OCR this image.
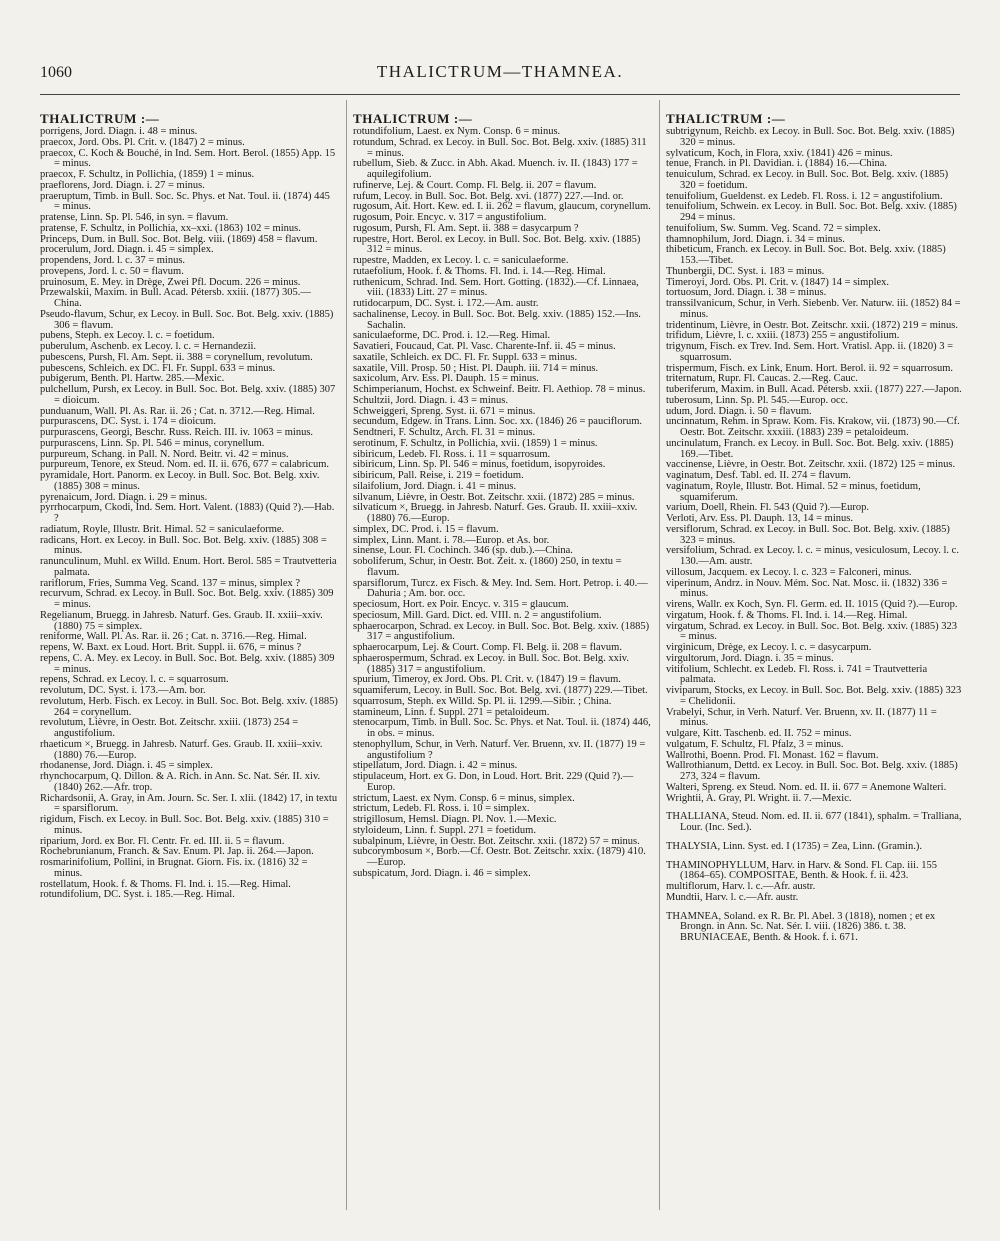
1060	THALICTRUM—THAMNEA.
THALICTRUM :—

porrigens, Jord. Diagn. i. 48 = minus.

praecox, Jord. Obs. Pl. Crit. v. (1847) 2 = minus.

praecox, C. Koch & Bouché, in Ind. Sem. Hort. Berol. (1855) App. 15 = minus.

praecox, F. Schultz, in Pollichia, (1859) 1 = minus.

praeflorens, Jord. Diagn. i. 27 = minus.

praeruptum, Timb. in Bull. Soc. Sc. Phys. et Nat. Toul. ii. (1874) 445 = minus.

pratense, Linn. Sp. Pl. 546, in syn. = flavum.

pratense, F. Schultz, in Pollichia, xx–xxi. (1863) 102 = minus.

Princeps, Dum. in Bull. Soc. Bot. Belg. viii. (1869) 458 = flavum.

procerulum, Jord. Diagn. i. 45 = simplex.

propendens, Jord. l. c. 37 = minus.

provepens, Jord. l. c. 50 = flavum.

pruinosum, E. Mey. in Drège, Zwei Pfl. Docum. 226 = minus.

Przewalskii, Maxim. in Bull. Acad. Pétersb. xxiii. (1877) 305.—China.

Pseudo-flavum, Schur, ex Lecoy. in Bull. Soc. Bot. Belg. xxiv. (1885) 306 = flavum.

pubens, Steph. ex Lecoy. l. c. = foetidum.

puberulum, Aschenb. ex Lecoy. l. c. = Hernandezii.

pubescens, Pursh, Fl. Am. Sept. ii. 388 = corynellum, revolutum.

pubescens, Schleich. ex DC. Fl. Fr. Suppl. 633 = minus.

pubigerum, Benth. Pl. Hartw. 285.—Mexic.

pulchellum, Pursh, ex Lecoy. in Bull. Soc. Bot. Belg. xxiv. (1885) 307 = dioicum.

punduanum, Wall. Pl. As. Rar. ii. 26 ; Cat. n. 3712.—Reg. Himal.

purpurascens, DC. Syst. i. 174 = dioicum.

purpurascens, Georgi, Beschr. Russ. Reich. III. iv. 1063 = minus.

purpurascens, Linn. Sp. Pl. 546 = minus, corynellum.

purpureum, Schang. in Pall. N. Nord. Beitr. vi. 42 = minus.

purpureum, Tenore, ex Steud. Nom. ed. II. ii. 676, 677 = calabricum.

pyramidale, Hort. Panorm. ex Lecoy. in Bull. Soc. Bot. Belg. xxiv. (1885) 308 = minus.

pyrenaicum, Jord. Diagn. i. 29 = minus.

pyrrhocarpum, Ckodi, Ind. Sem. Hort. Valent. (1883) (Quid ?).—Hab. ?

radiatum, Royle, Illustr. Brit. Himal. 52 = saniculaeforme.

radicans, Hort. ex Lecoy. in Bull. Soc. Bot. Belg. xxiv. (1885) 308 = minus.

ranunculinum, Muhl. ex Willd. Enum. Hort. Berol. 585 = Trautvetteria palmata.

rariflorum, Fries, Summa Veg. Scand. 137 = minus, simplex ?

recurvum, Schrad. ex Lecoy. in Bull. Soc. Bot. Belg. xxiv. (1885) 309 = minus.

Regelianum, Bruegg. in Jahresb. Naturf. Ges. Graub. II. xxiii–xxiv. (1880) 75 = simplex.

reniforme, Wall. Pl. As. Rar. ii. 26 ; Cat. n. 3716.—Reg. Himal.

repens, W. Baxt. ex Loud. Hort. Brit. Suppl. ii. 676, = minus ?

repens, C. A. Mey. ex Lecoy. in Bull. Soc. Bot. Belg. xxiv. (1885) 309 = minus.

repens, Schrad. ex Lecoy. l. c. = squarrosum.

revolutum, DC. Syst. i. 173.—Am. bor.

revolutum, Herb. Fisch. ex Lecoy. in Bull. Soc. Bot. Belg. xxiv. (1885) 264 = corynellum.

revolutum, Lièvre, in Oestr. Bot. Zeitschr. xxiii. (1873) 254 = angustifolium.

rhaeticum ×, Bruegg. in Jahresb. Naturf. Ges. Graub. II. xxiii–xxiv. (1880) 76.—Europ.

rhodanense, Jord. Diagn. i. 45 = simplex.

rhynchocarpum, Q. Dillon. & A. Rich. in Ann. Sc. Nat. Sér. II. xiv. (1840) 262.—Afr. trop.

Richardsonii, A. Gray, in Am. Journ. Sc. Ser. I. xlii. (1842) 17, in textu = sparsiflorum.

rigidum, Fisch. ex Lecoy. in Bull. Soc. Bot. Belg. xxiv. (1885) 310 = minus.

riparium, Jord. ex Bor. Fl. Centr. Fr. ed. III. ii. 5 = flavum.

Rochebrunianum, Franch. & Sav. Enum. Pl. Jap. ii. 264.—Japon.

rosmarinifolium, Pollini, in Brugnat. Giorn. Fis. ix. (1816) 32 = minus.

rostellatum, Hook. f. & Thoms. Fl. Ind. i. 15.—Reg. Himal.

rotundifolium, DC. Syst. i. 185.—Reg. Himal.

THALICTRUM :—

rotundifolium, Laest. ex Nym. Consp. 6 = minus.

rotundum, Schrad. ex Lecoy. in Bull. Soc. Bot. Belg. xxiv. (1885) 311 = minus.

rubellum, Sieb. & Zucc. in Abh. Akad. Muench. iv. II. (1843) 177 = aquilegifolium.

rufinerve, Lej. & Court. Comp. Fl. Belg. ii. 207 = flavum.

rufum, Lecoy. in Bull. Soc. Bot. Belg. xvi. (1877) 227.—Ind. or.

rugosum, Ait. Hort. Kew. ed. I. ii. 262 = flavum, glaucum, corynellum.

rugosum, Poir. Encyc. v. 317 = angustifolium.

rugosum, Pursh, Fl. Am. Sept. ii. 388 = dasycarpum ?

rupestre, Hort. Berol. ex Lecoy. in Bull. Soc. Bot. Belg. xxiv. (1885) 312 = minus.

rupestre, Madden, ex Lecoy. l. c. = saniculaeforme.

rutaefolium, Hook. f. & Thoms. Fl. Ind. i. 14.—Reg. Himal.

ruthenicum, Schrad. Ind. Sem. Hort. Gotting. (1832).—Cf. Linnaea, viii. (1833) Litt. 27 = minus.

rutidocarpum, DC. Syst. i. 172.—Am. austr.

sachalinense, Lecoy. in Bull. Soc. Bot. Belg. xxiv. (1885) 152.—Ins. Sachalin.

saniculaeforme, DC. Prod. i. 12.—Reg. Himal.

Savatieri, Foucaud, Cat. Pl. Vasc. Charente-Inf. ii. 45 = minus.

saxatile, Schleich. ex DC. Fl. Fr. Suppl. 633 = minus.

saxatile, Vill. Prosp. 50 ; Hist. Pl. Dauph. iii. 714 = minus.

saxicolum, Arv. Ess. Pl. Dauph. 15 = minus.

Schimperianum, Hochst. ex Schweinf. Beitr. Fl. Aethiop. 78 = minus.

Schultzii, Jord. Diagn. i. 43 = minus.

Schweiggeri, Spreng. Syst. ii. 671 = minus.

secundum, Edgew. in Trans. Linn. Soc. xx. (1846) 26 = pauciflorum.

Sendtneri, F. Schultz, Arch. Fl. 31 = minus.

serotinum, F. Schultz, in Pollichia, xvii. (1859) 1 = minus.

sibiricum, Ledeb. Fl. Ross. i. 11 = squarrosum.

sibiricum, Linn. Sp. Pl. 546 = minus, foetidum, isopyroides.

sibiricum, Pall. Reise, i. 219 = foetidum.

silaifolium, Jord. Diagn. i. 41 = minus.

silvanum, Lièvre, in Oestr. Bot. Zeitschr. xxii. (1872) 285 = minus.

silvaticum ×, Bruegg. in Jahresb. Naturf. Ges. Graub. II. xxiii–xxiv. (1880) 76.—Europ.

simplex, DC. Prod. i. 15 = flavum.

simplex, Linn. Mant. i. 78.—Europ. et As. bor.

sinense, Lour. Fl. Cochinch. 346 (sp. dub.).—China.

soboliferum, Schur, in Oestr. Bot. Zeit. x. (1860) 250, in textu = flavum.

sparsiflorum, Turcz. ex Fisch. & Mey. Ind. Sem. Hort. Petrop. i. 40.—Dahuria ; Am. bor. occ.

speciosum, Hort. ex Poir. Encyc. v. 315 = glaucum.

speciosum, Mill. Gard. Dict. ed. VIII. n. 2 = angustifolium.

sphaerocarpon, Schrad. ex Lecoy. in Bull. Soc. Bot. Belg. xxiv. (1885) 317 = angustifolium.

sphaerocarpum, Lej. & Court. Comp. Fl. Belg. ii. 208 = flavum.

sphaerospermum, Schrad. ex Lecoy. in Bull. Soc. Bot. Belg. xxiv. (1885) 317 = angustifolium.

spurium, Timeroy, ex Jord. Obs. Pl. Crit. v. (1847) 19 = flavum.

squamiferum, Lecoy. in Bull. Soc. Bot. Belg. xvi. (1877) 229.—Tibet.

squarrosum, Steph. ex Willd. Sp. Pl. ii. 1299.—Sibir. ; China.

stamineum, Linn. f. Suppl. 271 = petaloideum.

stenocarpum, Timb. in Bull. Soc. Sc. Phys. et Nat. Toul. ii. (1874) 446, in obs. = minus.

stenophyllum, Schur, in Verh. Naturf. Ver. Bruenn, xv. II. (1877) 19 = angustifolium ?

stipellatum, Jord. Diagn. i. 42 = minus.

stipulaceum, Hort. ex G. Don, in Loud. Hort. Brit. 229 (Quid ?).—Europ.

strictum, Laest. ex Nym. Consp. 6 = minus, simplex.

strictum, Ledeb. Fl. Ross. i. 10 = simplex.

strigillosum, Hemsl. Diagn. Pl. Nov. 1.—Mexic.

styloideum, Linn. f. Suppl. 271 = foetidum.

subalpinum, Lièvre, in Oestr. Bot. Zeitschr. xxii. (1872) 57 = minus.

subcorymbosum ×, Borb.—Cf. Oestr. Bot. Zeitschr. xxix. (1879) 410.—Europ.

subspicatum, Jord. Diagn. i. 46 = simplex.

THALICTRUM :—

subtrigynum, Reichb. ex Lecoy. in Bull. Soc. Bot. Belg. xxiv. (1885) 320 = minus.

sylvaticum, Koch, in Flora, xxiv. (1841) 426 = minus.

tenue, Franch. in Pl. Davidian. i. (1884) 16.—China.

tenuiculum, Schrad. ex Lecoy. in Bull. Soc. Bot. Belg. xxiv. (1885) 320 = foetidum.

tenuifolium, Gueldenst. ex Ledeb. Fl. Ross. i. 12 = angustifolium.

tenuifolium, Schwein. ex Lecoy. in Bull. Soc. Bot. Belg. xxiv. (1885) 294 = minus.

tenuifolium, Sw. Summ. Veg. Scand. 72 = simplex.

thamnophilum, Jord. Diagn. i. 34 = minus.

thibeticum, Franch. ex Lecoy. in Bull. Soc. Bot. Belg. xxiv. (1885) 153.—Tibet.

Thunbergii, DC. Syst. i. 183 = minus.

Timeroyi, Jord. Obs. Pl. Crit. v. (1847) 14 = simplex.

tortuosum, Jord. Diagn. i. 38 = minus.

transsilvanicum, Schur, in Verh. Siebenb. Ver. Naturw. iii. (1852) 84 = minus.

tridentinum, Lièvre, in Oestr. Bot. Zeitschr. xxii. (1872) 219 = minus.

trifidum, Lièvre, l. c. xxiii. (1873) 255 = angustifolium.

trigynum, Fisch. ex Trev. Ind. Sem. Hort. Vratisl. App. ii. (1820) 3 = squarrosum.

trispermum, Fisch. ex Link, Enum. Hort. Berol. ii. 92 = squarrosum.

triternatum, Rupr. Fl. Caucas. 2.—Reg. Cauc.

tuberiferum, Maxim. in Bull. Acad. Pétersb. xxii. (1877) 227.—Japon.

tuberosum, Linn. Sp. Pl. 545.—Europ. occ.

udum, Jord. Diagn. i. 50 = flavum.

uncinnatum, Rehm. in Spraw. Kom. Fis. Krakow, vii. (1873) 90.—Cf. Oestr. Bot. Zeitschr. xxxiii. (1883) 239 = petaloideum.

uncinulatum, Franch. ex Lecoy. in Bull. Soc. Bot. Belg. xxiv. (1885) 169.—Tibet.

vaccinense, Lièvre, in Oestr. Bot. Zeitschr. xxii. (1872) 125 = minus.

vaginatum, Desf. Tabl. ed. II. 274 = flavum.

vaginatum, Royle, Illustr. Bot. Himal. 52 = minus, foetidum, squamiferum.

varium, Doell, Rhein. Fl. 543 (Quid ?).—Europ.

Verloti, Arv. Ess. Pl. Dauph. 13, 14 = minus.

versiflorum, Schrad. ex Lecoy. in Bull. Soc. Bot. Belg. xxiv. (1885) 323 = minus.

versifolium, Schrad. ex Lecoy. l. c. = minus, vesiculosum, Lecoy. l. c. 130.—Am. austr.

villosum, Jacquem. ex Lecoy. l. c. 323 = Falconeri, minus.

viperinum, Andrz. in Nouv. Mém. Soc. Nat. Mosc. ii. (1832) 336 = minus.

virens, Wallr. ex Koch, Syn. Fl. Germ. ed. II. 1015 (Quid ?).—Europ.

virgatum, Hook. f. & Thoms. Fl. Ind. i. 14.—Reg. Himal.

virgatum, Schrad. ex Lecoy. in Bull. Soc. Bot. Belg. xxiv. (1885) 323 = minus.

virginicum, Drège, ex Lecoy. l. c. = dasycarpum.

virgultorum, Jord. Diagn. i. 35 = minus.

vitifolium, Schlecht. ex Ledeb. Fl. Ross. i. 741 = Trautvetteria palmata.

viviparum, Stocks, ex Lecoy. in Bull. Soc. Bot. Belg. xxiv. (1885) 323 = Chelidonii.

Vrabelyi, Schur, in Verh. Naturf. Ver. Bruenn, xv. II. (1877) 11 = minus.

vulgare, Kitt. Taschenb. ed. II. 752 = minus.

vulgatum, F. Schultz, Fl. Pfalz, 3 = minus.

Wallrothi, Boenn. Prod. Fl. Monast. 162 = flavum.

Wallrothianum, Dettd. ex Lecoy. in Bull. Soc. Bot. Belg. xxiv. (1885) 273, 324 = flavum.

Walteri, Spreng. ex Steud. Nom. ed. II. ii. 677 = Anemone Walteri.

Wrightii, A. Gray, Pl. Wright. ii. 7.—Mexic.

THALLIANA, Steud. Nom. ed. II. ii. 677 (1841), sphalm. = Tralliana, Lour. (Inc. Sed.).

THALYSIA, Linn. Syst. ed. I (1735) = Zea, Linn. (Gramin.).

THAMINOPHYLLUM, Harv. in Harv. & Sond. Fl. Cap. iii. 155 (1864–65). COMPOSITAE, Benth. & Hook. f. ii. 423.

multiflorum, Harv. l. c.—Afr. austr.

Mundtii, Harv. l. c.—Afr. austr.

THAMNEA, Soland. ex R. Br. Pl. Abel. 3 (1818), nomen ; et ex Brongn. in Ann. Sc. Nat. Sér. I. viii. (1826) 386. t. 38. BRUNIACEAE, Benth. & Hook. f. i. 671.
